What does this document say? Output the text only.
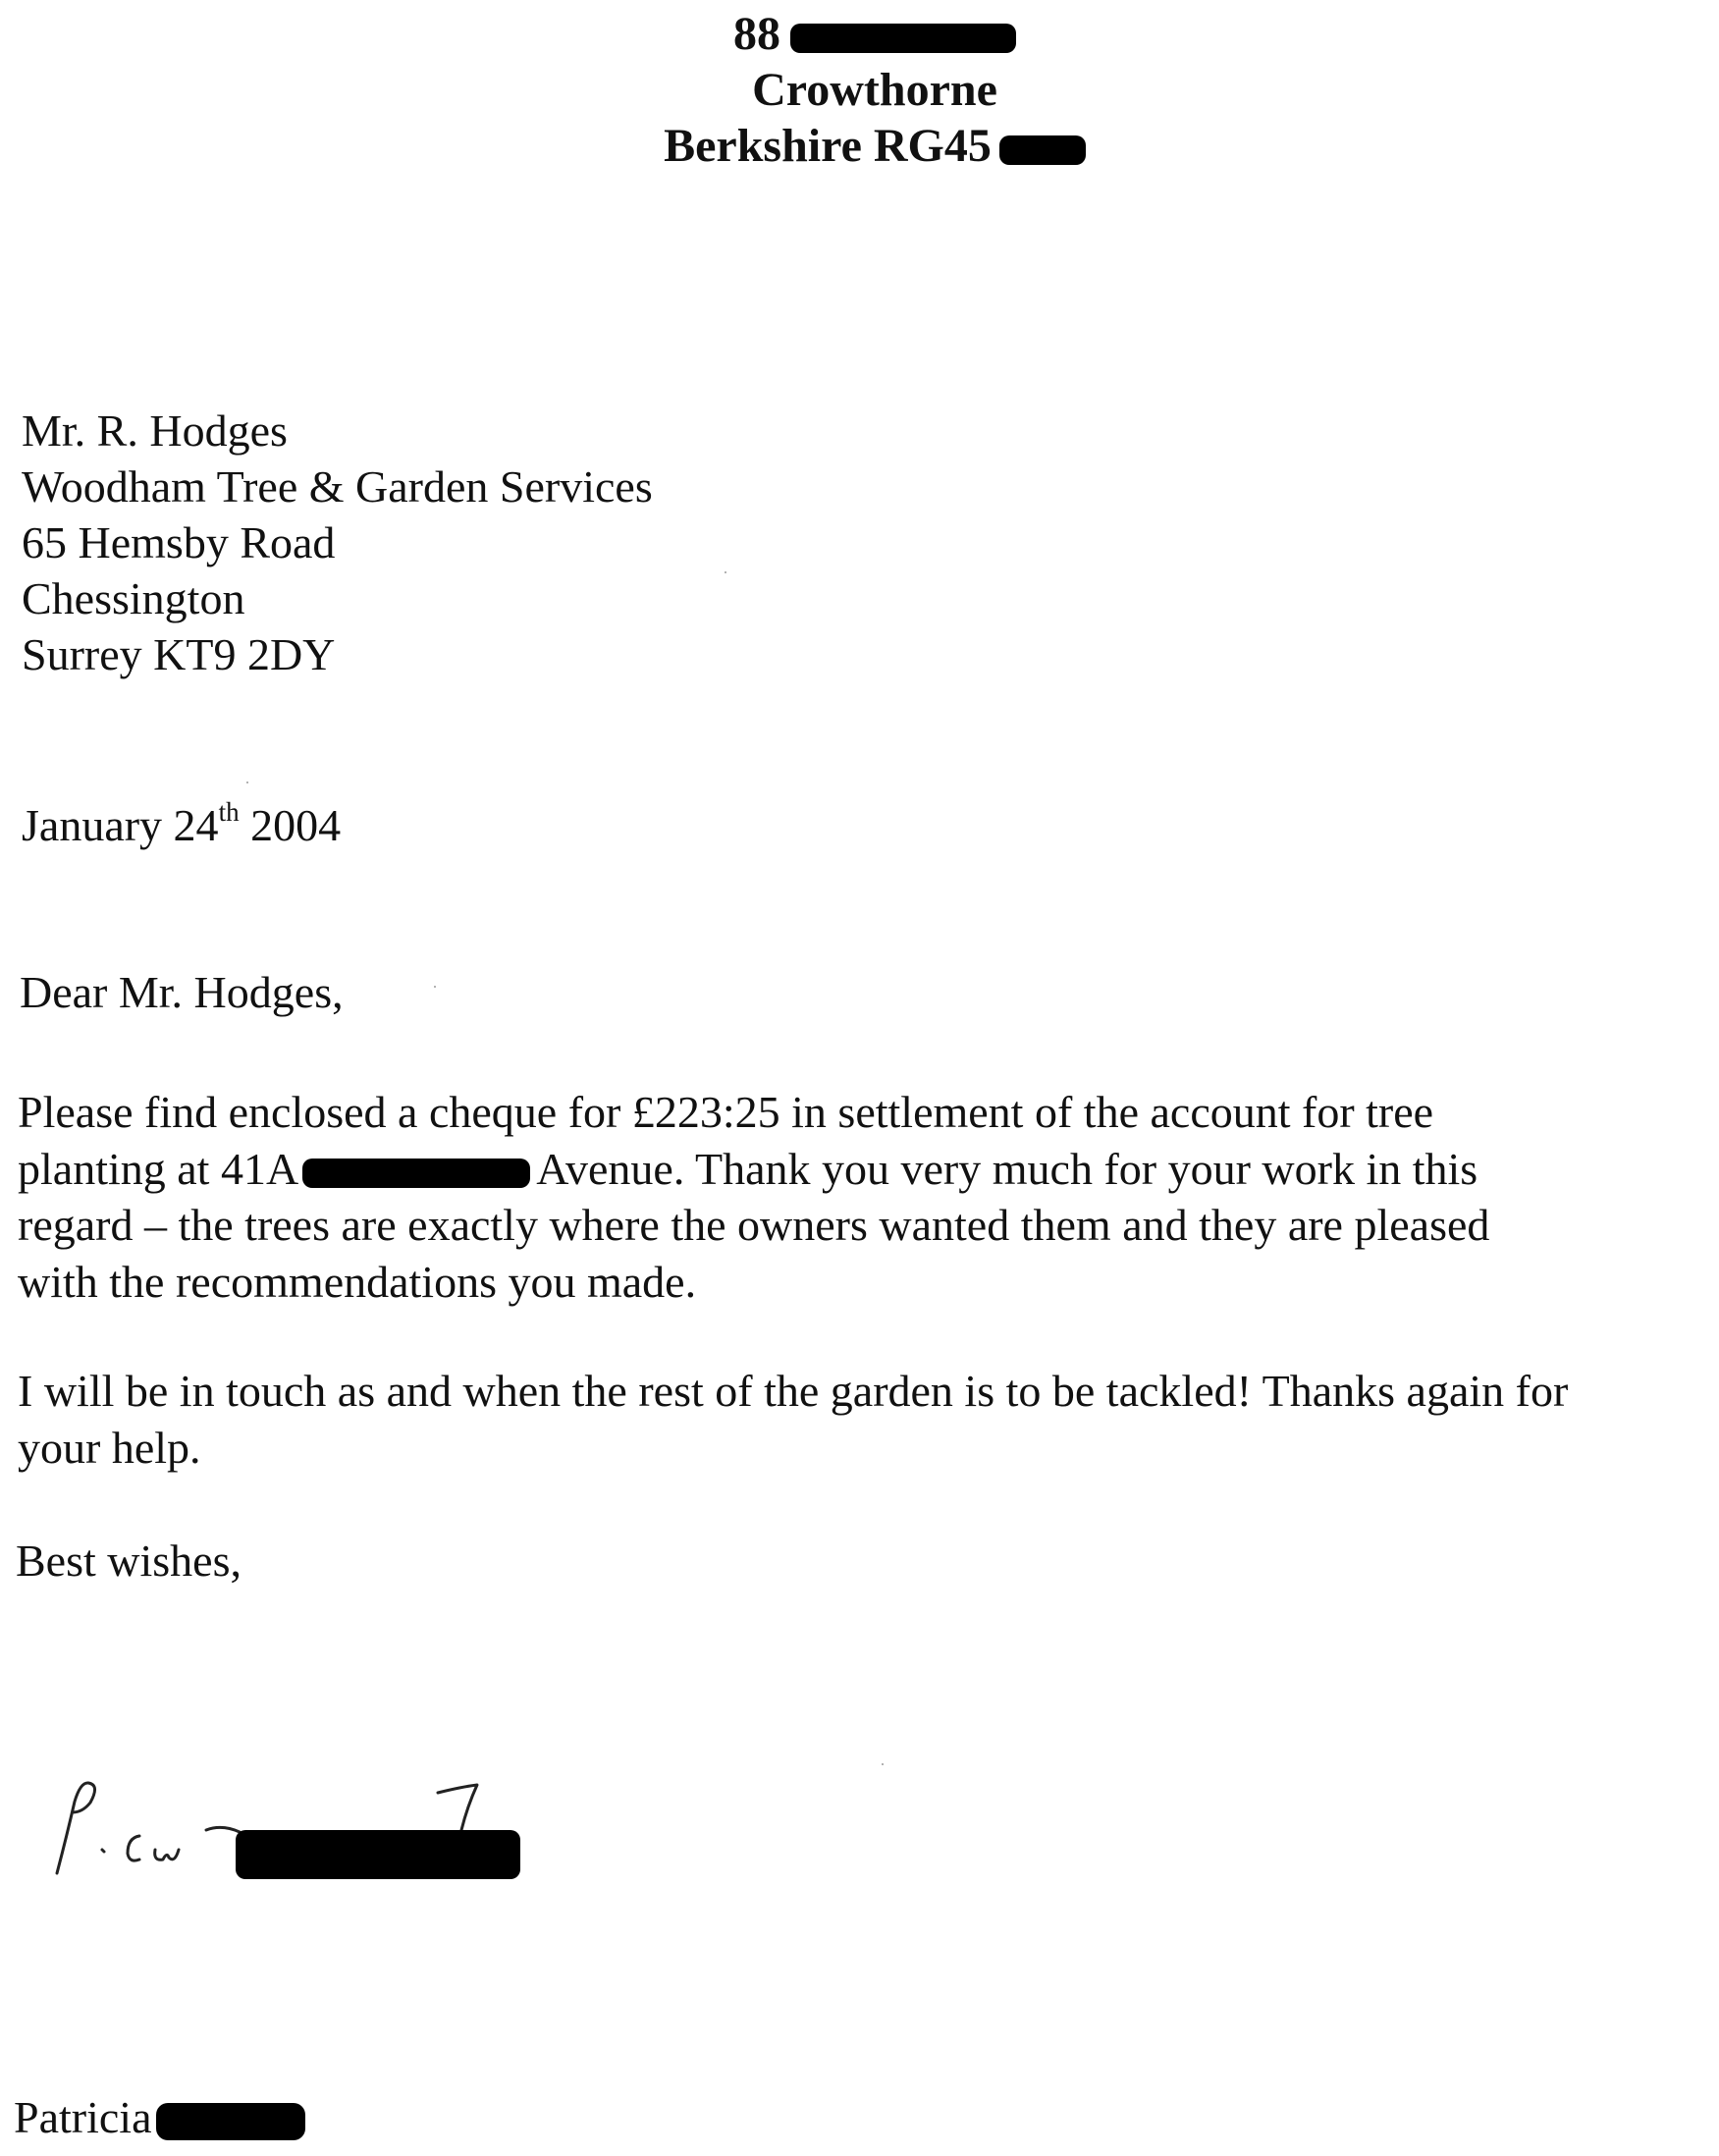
88
Crowthorne
Berkshire RG45
Mr. R. Hodges
Woodham Tree & Garden Services
65 Hemsby Road
Chessington
Surrey KT9 2DY
January 24th 2004
Dear Mr. Hodges,
Please find enclosed a cheque for £223:25 in settlement of the account for tree
planting at 41A	Avenue. Thank you very much for your work in this
regard – the trees are exactly where the owners wanted them and they are pleased
with the recommendations you made.
I will be in touch as and when the rest of the garden is to be tackled! Thanks again for
your help.
Best wishes,
Patricia
